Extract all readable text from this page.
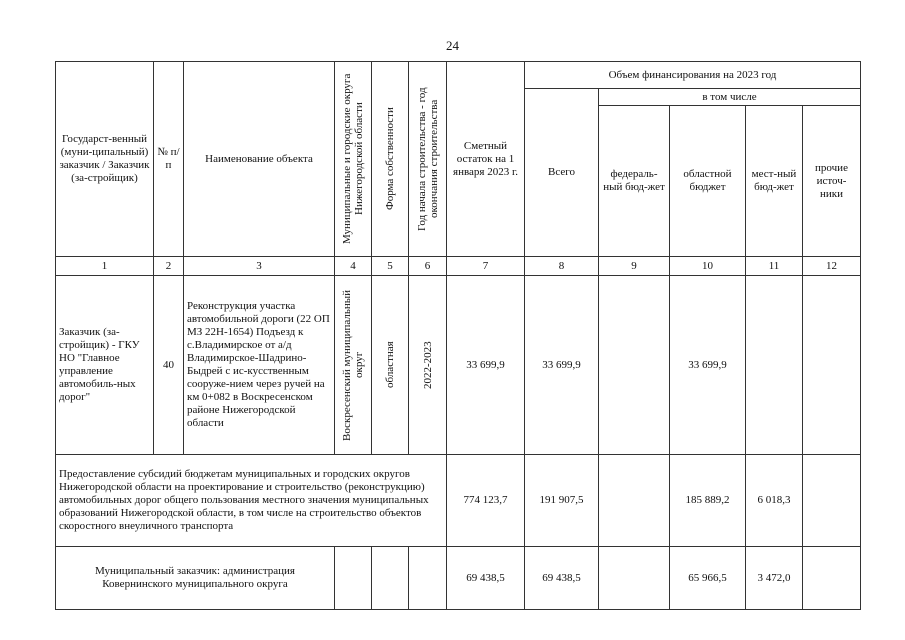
24
Государст-венный (муни-ципальный) заказчик / Заказчик (за-стройщик)	№ п/п	Наименование объекта	Муниципальные и городские округа Нижегородской области	Форма собственности	Год начала строительства - год окончания строительства	Сметный остаток на 1 января 2023 г.	Объем финансирования на 2023 год				
							Всего	в том числе			
								федераль-ный бюд-жет	областной бюджет	мест-ный бюд-жет	прочие источ-ники
1	2	3	4	5	6	7	8	9	10	11	12
Заказчик (за-стройщик) - ГКУ НО "Главное управление автомобиль-ных дорог"	40	Реконструкция участка автомобильной дороги (22 ОП МЗ 22Н-1654) Подъезд к с.Владимирское от а/д Владимирское-Шадрино-Быдрей с ис-кусственным сооруже-нием через ручей на км 0+082 в Воскресенском районе Нижегородской области	Воскресенский муниципальный округ	областная	2022-2023	33 699,9	33 699,9		33 699,9		
Предоставление субсидий бюджетам муниципальных и городских округов Нижегородской области на проектирование и строительство (реконструкцию) автомобильных дорог общего пользования местного значения муниципальных образований Нижегородской области, в том числе на строительство объектов скоростного внеуличного транспорта						774 123,7	191 907,5		185 889,2	6 018,3	
Муниципальный заказчик: администрация Ковернинского муниципального округа						69 438,5	69 438,5		65 966,5	3 472,0	
